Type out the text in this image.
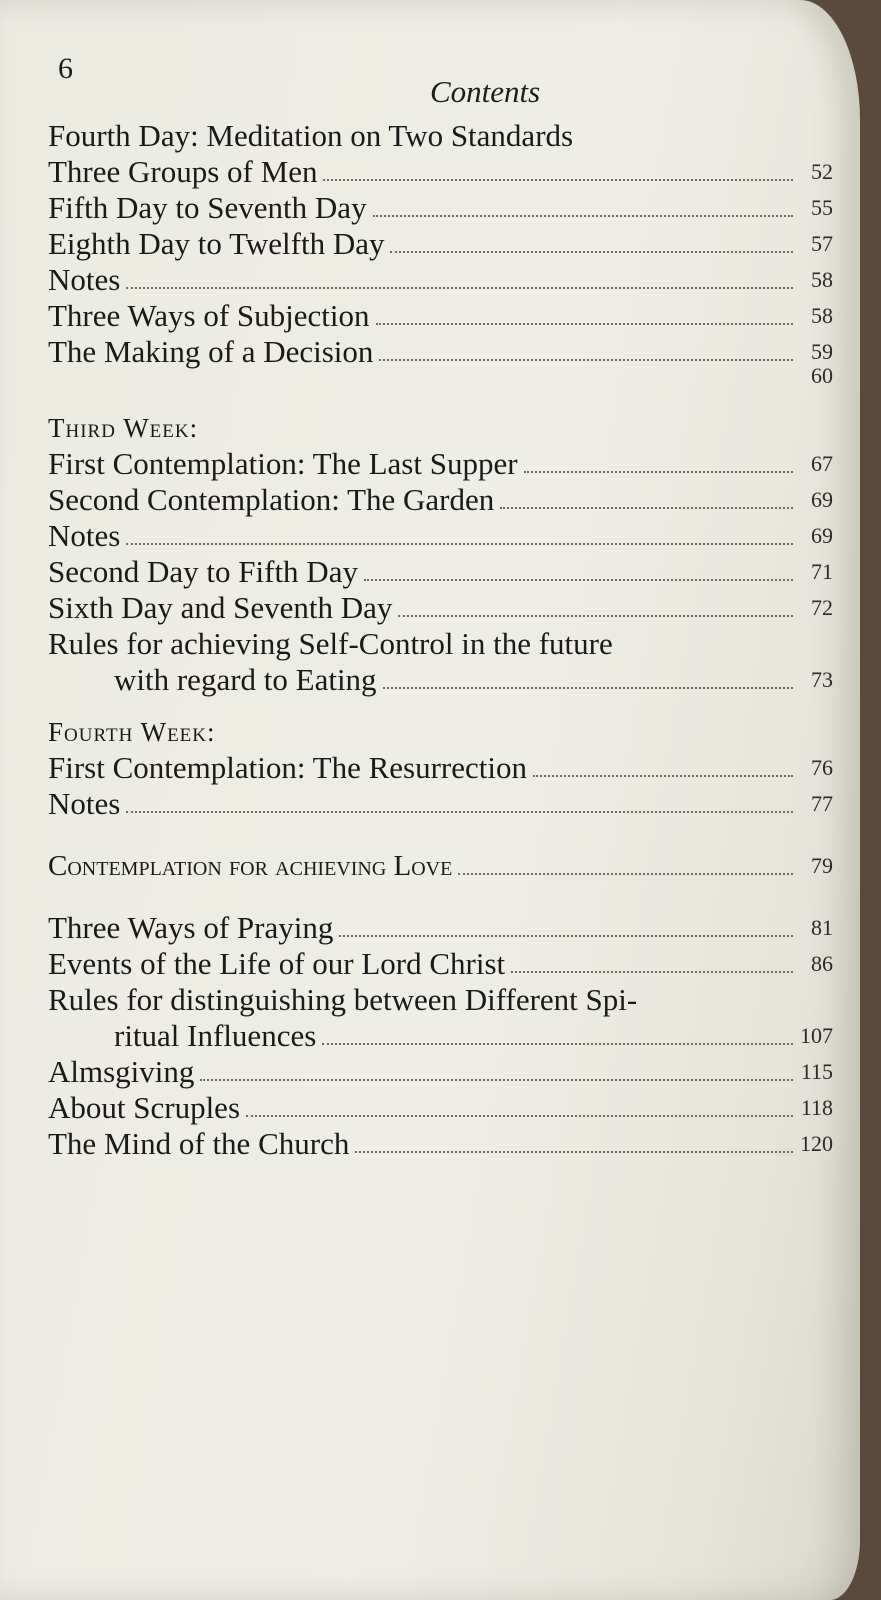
6
Contents
Fourth Day: Meditation on Two Standards
Three Groups of Men	52
Fifth Day to Seventh Day	55
Eighth Day to Twelfth Day	57
Notes	58
Three Ways of Subjection	58
The Making of a Decision	59
60
Third Week:
First Contemplation: The Last Supper	67
Second Contemplation: The Garden	69
Notes	69
Second Day to Fifth Day	71
Sixth Day and Seventh Day	72
Rules for achieving Self-Control in the future
with regard to Eating	73
Fourth Week:
First Contemplation: The Resurrection	76
Notes	77
Contemplation for achieving Love	79
Three Ways of Praying	81
Events of the Life of our Lord Christ	86
Rules for distinguishing between Different Spi-
ritual Influences	107
Almsgiving	115
About Scruples	118
The Mind of the Church	120
